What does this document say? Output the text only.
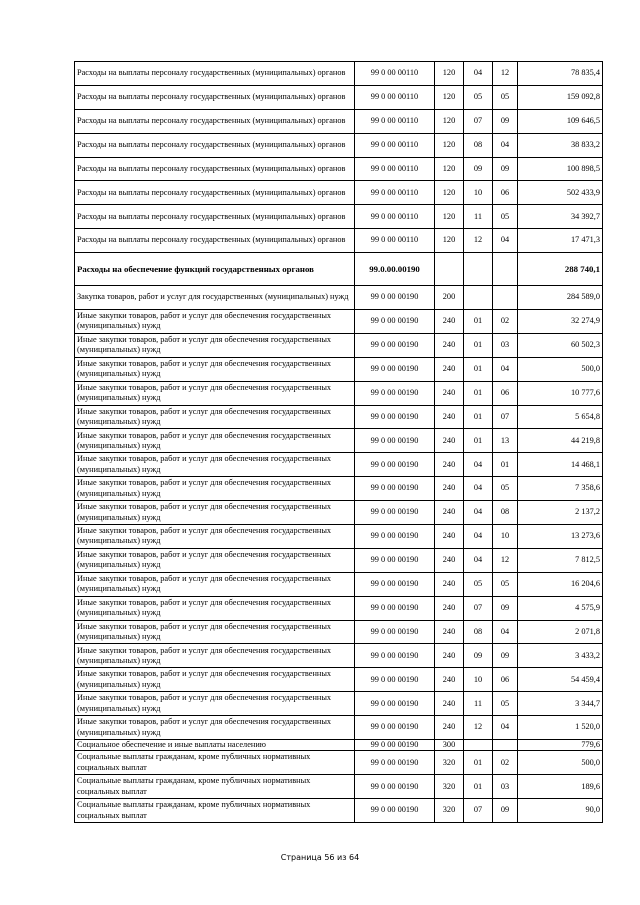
Расходы на выплаты персоналу государственных (муниципальных) органов	99 0 00 00110	120	04	12	78 835,4
Расходы на выплаты персоналу государственных (муниципальных) органов	99 0 00 00110	120	05	05	159 092,8
Расходы на выплаты персоналу государственных (муниципальных) органов	99 0 00 00110	120	07	09	109 646,5
Расходы на выплаты персоналу государственных (муниципальных) органов	99 0 00 00110	120	08	04	38 833,2
Расходы на выплаты персоналу государственных (муниципальных) органов	99 0 00 00110	120	09	09	100 898,5
Расходы на выплаты персоналу государственных (муниципальных) органов	99 0 00 00110	120	10	06	502 433,9
Расходы на выплаты персоналу государственных (муниципальных) органов	99 0 00 00110	120	11	05	34 392,7
Расходы на выплаты персоналу государственных (муниципальных) органов	99 0 00 00110	120	12	04	17 471,3
Расходы на обеспечение функций государственных органов	99.0.00.00190				288 740,1
Закупка товаров, работ и услуг для государственных (муниципальных) нужд	99 0 00 00190	200			284 589,0
Иные закупки товаров, работ и услуг для обеспечения государственных (муниципальных) нужд	99 0 00 00190	240	01	02	32 274,9
Иные закупки товаров, работ и услуг для обеспечения государственных (муниципальных) нужд	99 0 00 00190	240	01	03	60 502,3
Иные закупки товаров, работ и услуг для обеспечения государственных (муниципальных) нужд	99 0 00 00190	240	01	04	500,0
Иные закупки товаров, работ и услуг для обеспечения государственных (муниципальных) нужд	99 0 00 00190	240	01	06	10 777,6
Иные закупки товаров, работ и услуг для обеспечения государственных (муниципальных) нужд	99 0 00 00190	240	01	07	5 654,8
Иные закупки товаров, работ и услуг для обеспечения государственных (муниципальных) нужд	99 0 00 00190	240	01	13	44 219,8
Иные закупки товаров, работ и услуг для обеспечения государственных (муниципальных) нужд	99 0 00 00190	240	04	01	14 468,1
Иные закупки товаров, работ и услуг для обеспечения государственных (муниципальных) нужд	99 0 00 00190	240	04	05	7 358,6
Иные закупки товаров, работ и услуг для обеспечения государственных (муниципальных) нужд	99 0 00 00190	240	04	08	2 137,2
Иные закупки товаров, работ и услуг для обеспечения государственных (муниципальных) нужд	99 0 00 00190	240	04	10	13 273,6
Иные закупки товаров, работ и услуг для обеспечения государственных (муниципальных) нужд	99 0 00 00190	240	04	12	7 812,5
Иные закупки товаров, работ и услуг для обеспечения государственных (муниципальных) нужд	99 0 00 00190	240	05	05	16 204,6
Иные закупки товаров, работ и услуг для обеспечения государственных (муниципальных) нужд	99 0 00 00190	240	07	09	4 575,9
Иные закупки товаров, работ и услуг для обеспечения государственных (муниципальных) нужд	99 0 00 00190	240	08	04	2 071,8
Иные закупки товаров, работ и услуг для обеспечения государственных (муниципальных) нужд	99 0 00 00190	240	09	09	3 433,2
Иные закупки товаров, работ и услуг для обеспечения государственных (муниципальных) нужд	99 0 00 00190	240	10	06	54 459,4
Иные закупки товаров, работ и услуг для обеспечения государственных (муниципальных) нужд	99 0 00 00190	240	11	05	3 344,7
Иные закупки товаров, работ и услуг для обеспечения государственных (муниципальных) нужд	99 0 00 00190	240	12	04	1 520,0
Социальное обеспечение и иные выплаты населению	99 0 00 00190	300			779,6
Социальные выплаты гражданам, кроме публичных нормативных социальных выплат	99 0 00 00190	320	01	02	500,0
Социальные выплаты гражданам, кроме публичных нормативных социальных выплат	99 0 00 00190	320	01	03	189,6
Социальные выплаты гражданам, кроме публичных нормативных социальных выплат	99 0 00 00190	320	07	09	90,0
Страница 56 из 64
